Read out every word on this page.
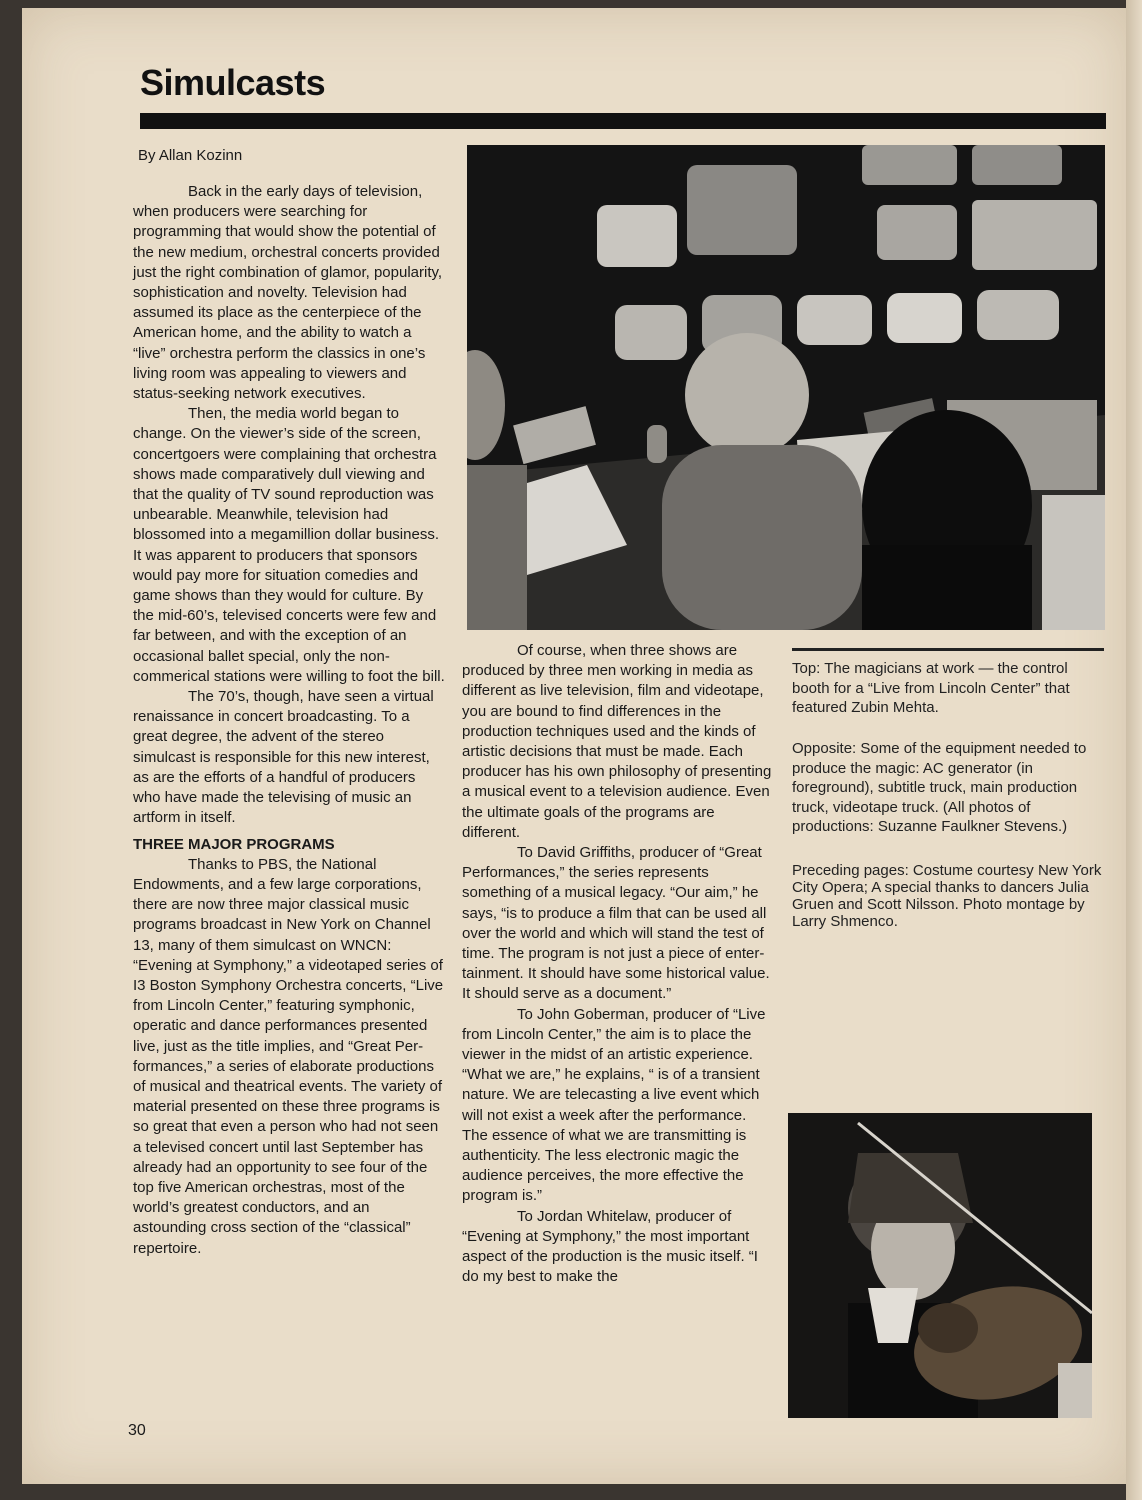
Simulcasts
By Allan Kozinn

Back in the early days of television, when producers were searching for programming that would show the potential of the new medium, orchestral concerts provided just the right combination of glamor, popularity, sophistication and novelty. Television had assumed its place as the centerpiece of the American home, and the ability to watch a “live” orchestra perform the classics in one’s living room was appealing to viewers and status-seeking network executives.

Then, the media world began to change. On the viewer’s side of the screen, concertgoers were complaining that orchestra shows made comparatively dull viewing and that the quality of TV sound reproduction was unbearable. Meanwhile, television had blossomed into a megamillion dollar business. It was apparent to producers that sponsors would pay more for situation comedies and game shows than they would for culture. By the mid-60’s, televised concerts were few and far between, and with the exception of an occasional ballet special, only the non-commerical stations were willing to foot the bill.

The 70’s, though, have seen a virtual renaissance in concert broadcasting. To a great degree, the advent of the stereo simulcast is responsible for this new interest, as are the efforts of a handful of producers who have made the televising of music an artform in itself.

THREE MAJOR PROGRAMS

Thanks to PBS, the National Endowments, and a few large corporations, there are now three major classical music programs broadcast in New York on Channel 13, many of them simulcast on WNCN: “Evening at Symphony,” a videotaped series of I3 Boston Symphony Orchestra concerts, “Live from Lincoln Center,” featuring symphonic, operatic and dance performances presented live, just as the title implies, and “Great Performances,” a series of elaborate productions of musical and theatrical events. The variety of material presented on these three programs is so great that even a person who had not seen a televised concert until last September has already had an opportunity to see four of the top five American orchestras, most of the world’s greatest conductors, and an astounding cross section of the “classical” repertoire.

Of course, when three shows are produced by three men working in media as different as live television, film and videotape, you are bound to find differences in the production techniques used and the kinds of artistic decisions that must be made. Each producer has his own philosophy of presenting a musical event to a television audience. Even the ultimate goals of the programs are different.

To David Griffiths, producer of “Great Performances,” the series represents something of a musical legacy. “Our aim,” he says, “is to produce a film that can be used all over the world and which will stand the test of time. The program is not just a piece of entertainment. It should have some historical value. It should serve as a document.”

To John Goberman, producer of “Live from Lincoln Center,” the aim is to place the viewer in the midst of an artistic experience. “What we are,” he explains, “ is of a transient nature. We are telecasting a live event which will not exist a week after the performance. The essence of what we are transmitting is authenticity. The less electronic magic the audience perceives, the more effective the program is.”

To Jordan Whitelaw, producer of “Evening at Symphony,” the most important aspect of the production is the music itself. “I do my best to make the

Top: The magicians at work — the control booth for a “Live from Lincoln Center” that featured Zubin Mehta.
Opposite: Some of the equipment needed to produce the magic: AC generator (in foreground), subtitle truck, main production truck, videotape truck. (All photos of productions: Suzanne Faulkner Stevens.)
Preceding pages: Costume courtesy New York City Opera; A special thanks to dancers Julia Gruen and Scott Nilsson. Photo montage by Larry Shmenco.
30
